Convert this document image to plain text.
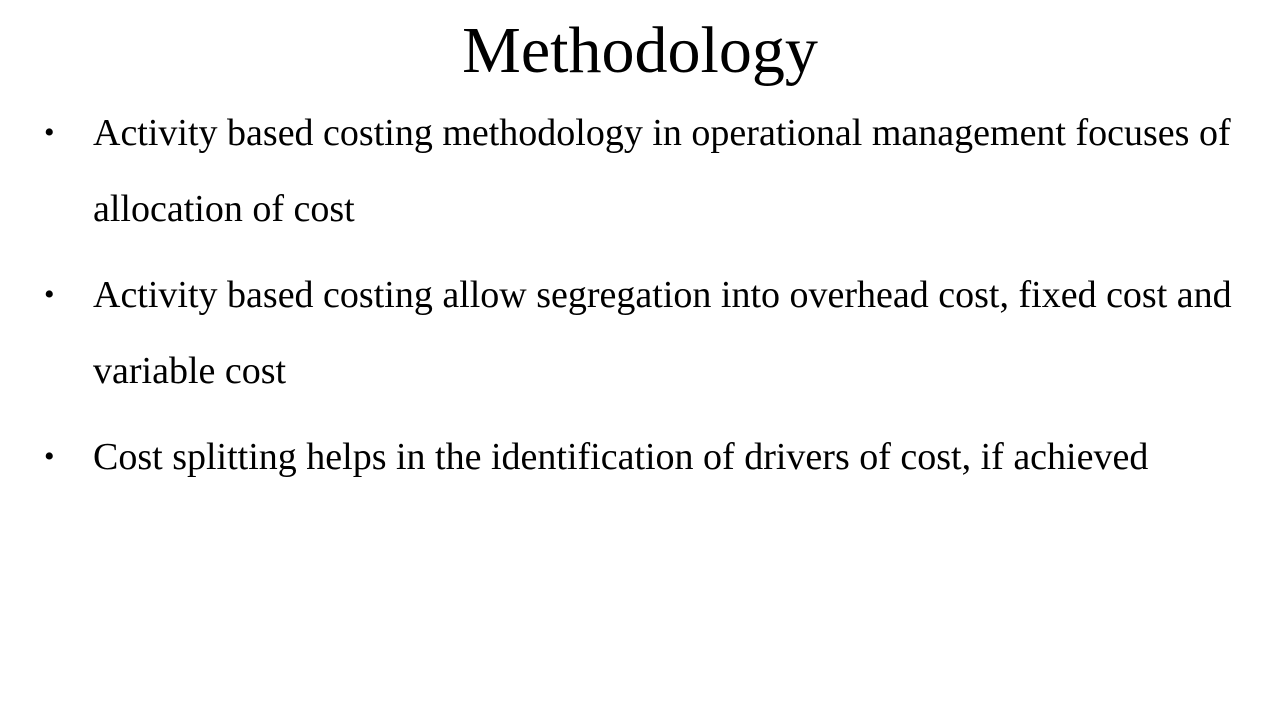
Methodology
• Activity based costing methodology in operational management focuses of allocation of cost
• Activity based costing allow segregation into overhead cost, fixed cost and variable cost
• Cost splitting helps in the identification of drivers of cost, if achieved
